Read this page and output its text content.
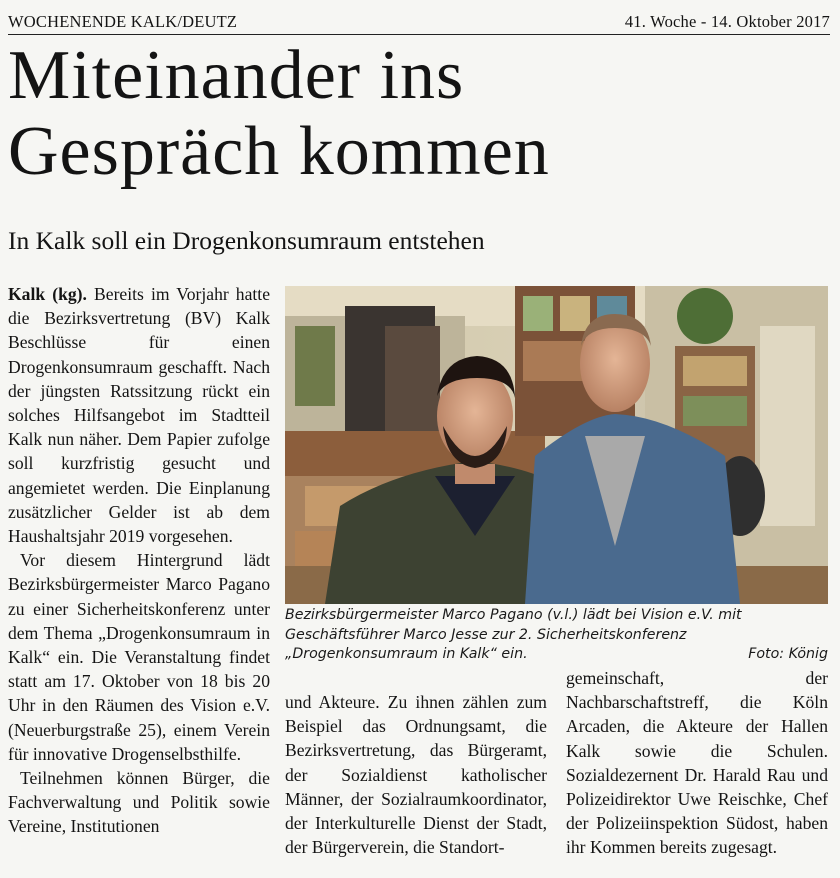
WOCHENENDE KALK/DEUTZ	41. Woche - 14. Oktober 2017
Miteinander ins
Gespräch kommen
In Kalk soll ein Drogenkonsumraum entstehen

Kalk (kg). Bereits im Vorjahr hatte die Bezirksvertretung (BV) Kalk Beschlüsse für einen Drogenkonsumraum geschafft. Nach der jüngsten Ratssitzung rückt ein solches Hilfsangebot im Stadtteil Kalk nun näher. Dem Papier zufolge soll kurzfristig gesucht und angemietet werden. Die Einplanung zusätzlicher Gelder ist ab dem Haushaltsjahr 2019 vorgesehen.

Vor diesem Hintergrund lädt Bezirksbürgermeister Marco Pagano zu einer Sicherheitskonferenz unter dem Thema „Drogenkonsumraum in Kalk“ ein. Die Veranstaltung findet statt am 17. Oktober von 18 bis 20 Uhr in den Räumen des Vision e.V. (Neuerburgstraße 25), einem Verein für innovative Drogenselbsthilfe.

Teilnehmen können Bürger, die Fachverwaltung und Politik sowie Vereine, Institutionen

Bezirksbürgermeister Marco Pagano (v.l.) lädt bei Vision e.V. mit Geschäftsführer Marco Jesse zur 2. Sicherheitskonferenz „Drogenkonsumraum in Kalk“ ein.	Foto: König

und Akteure. Zu ihnen zählen zum Beispiel das Ordnungsamt, die Bezirksvertretung, das Bürgeramt, der Sozialdienst katholischer Männer, der Sozialraumkoordinator, der Interkulturelle Dienst der Stadt, der Bürgerverein, die Standort-

gemeinschaft, der Nachbarschaftstreff, die Köln Arcaden, die Akteure der Hallen Kalk sowie die Schulen. Sozialdezernent Dr. Harald Rau und Polizeidirektor Uwe Reischke, Chef der Polizeiinspektion Südost, haben ihr Kommen bereits zugesagt.
